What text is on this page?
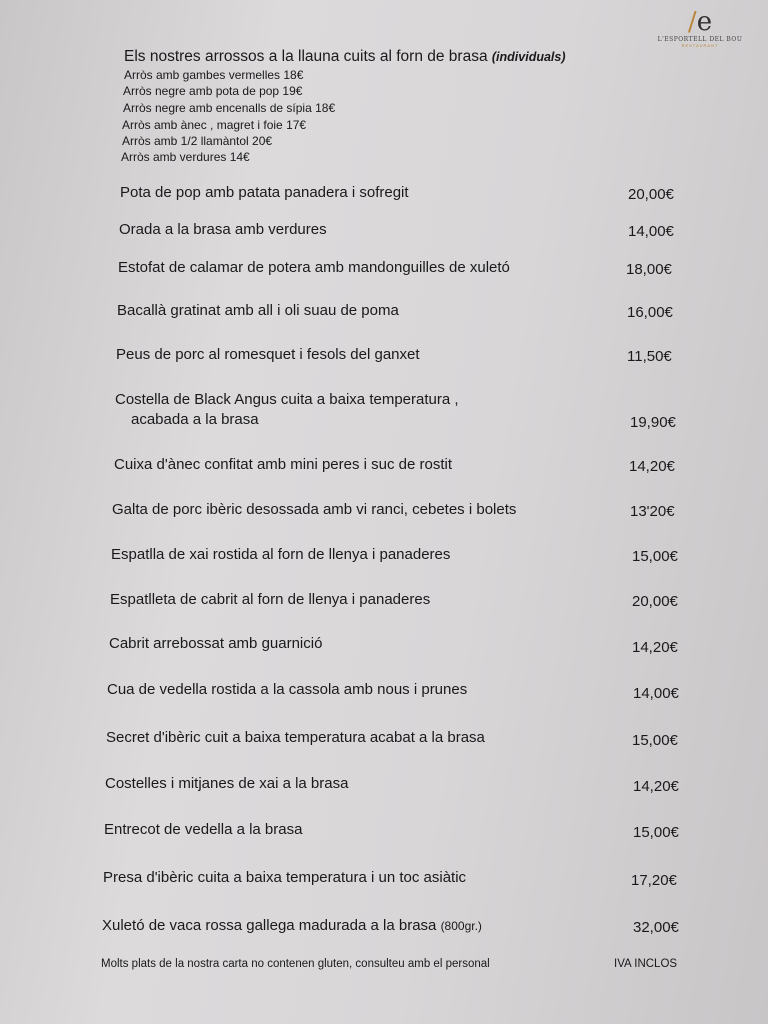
/e
L'ESPORTELL DEL BOU
RESTAURANT
Els nostres arrossos a la llauna cuits al forn de brasa (individuals)
Arròs amb gambes vermelles 18€
Arròs negre amb pota de pop 19€
Arròs negre amb encenalls de sípia 18€
Arròs amb ànec , magret i foie 17€
Arròs amb 1/2 llamàntol 20€
Arròs amb verdures 14€
Pota de pop amb patata panadera i sofregit	20,00€
Orada a la brasa amb verdures	14,00€
Estofat de calamar de potera amb mandonguilles de xuletó	18,00€
Bacallà gratinat amb all i oli suau de poma	16,00€
Peus de porc al romesquet i fesols del ganxet	11,50€
Costella de Black Angus cuita a baixa temperatura ,
acabada a la brasa	19,90€
Cuixa d'ànec confitat amb mini peres i suc de rostit	14,20€
Galta de porc ibèric desossada amb vi ranci, cebetes i bolets	13'20€
Espatlla de xai rostida al forn de llenya i panaderes	15,00€
Espatlleta de cabrit al forn de llenya i panaderes	20,00€
Cabrit arrebossat amb guarnició	14,20€
Cua de vedella rostida a la cassola amb nous i prunes	14,00€
Secret d'ibèric cuit a baixa temperatura acabat a la brasa	15,00€
Costelles i mitjanes de xai a la brasa	14,20€
Entrecot de vedella a la brasa	15,00€
Presa d'ibèric cuita a baixa temperatura i un toc asiàtic	17,20€
Xuletó de vaca rossa gallega madurada a la brasa (800gr.)	32,00€
Molts plats de la nostra carta no contenen gluten, consulteu amb el personal	IVA INCLOS
